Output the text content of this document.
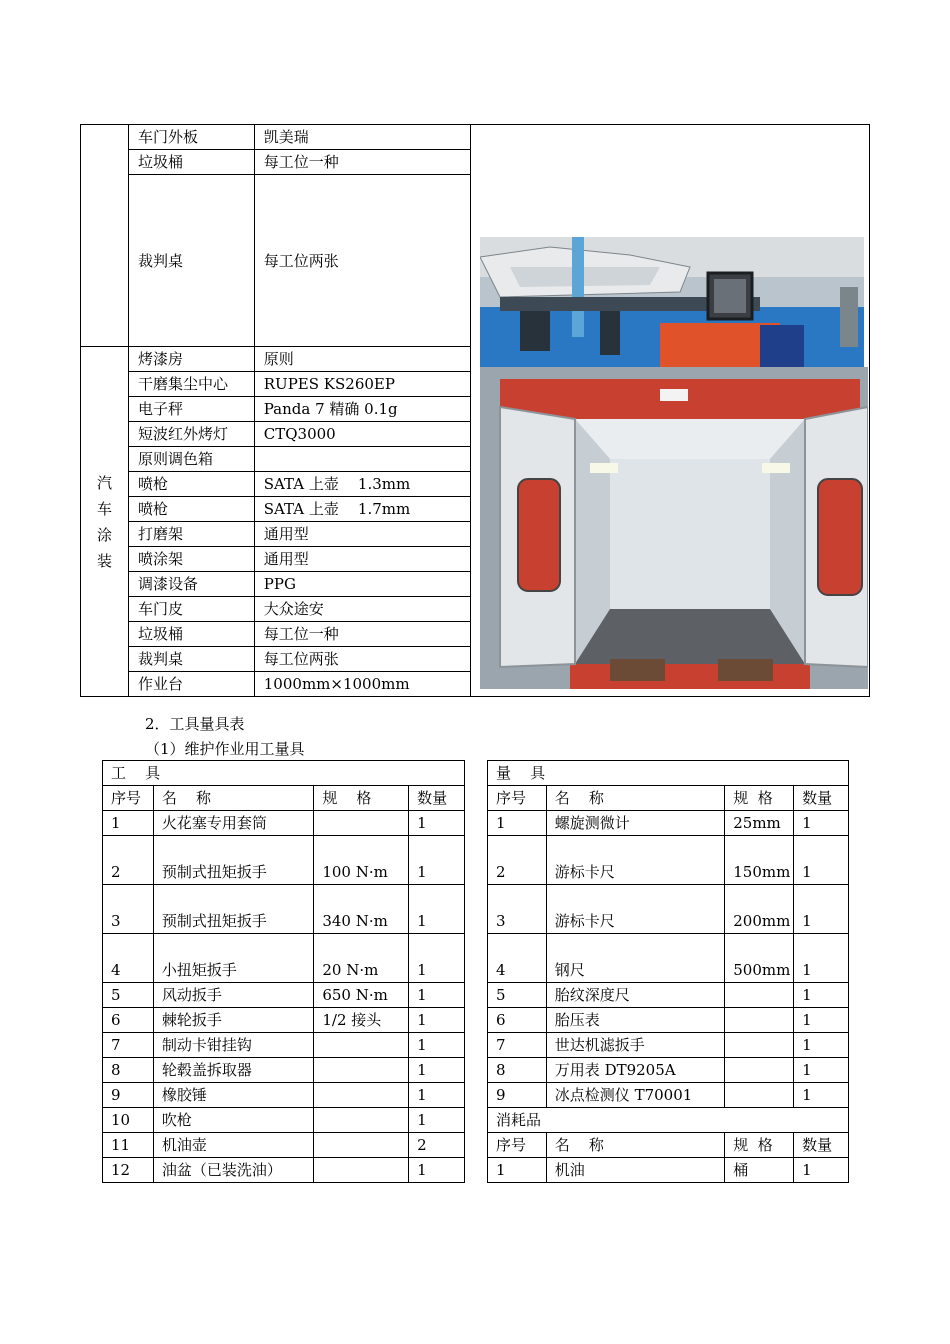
	车门外板	凯美瑞	
	垃圾桶	每工位一种	
	裁判桌	每工位两张	
汽
车
涂
装	烤漆房	原则	
	干磨集尘中心	RUPES KS260EP	
	电子秤	Panda 7 精确 0.1g	
	短波红外烤灯	CTQ3000	
	原则调色箱		
	喷枪	SATA 上壶    1.3mm	
	喷枪	SATA 上壶    1.7mm	
	打磨架	通用型	
	喷涂架	通用型	
	调漆设备	PPG	
	车门皮	大众途安	
	垃圾桶	每工位一种	
	裁判桌	每工位两张	
	作业台	1000mm×1000mm	
2．工具量具表
（1）维护作业用工量具
工    具			
序号	名    称	规    格	数量
1	火花塞专用套筒		1
2	预制式扭矩扳手	100 N·m	1
3	预制式扭矩扳手	340 N·m	1
4	小扭矩扳手	20 N·m	1
5	风动扳手	650 N·m	1
6	棘轮扳手	1/2 接头	1
7	制动卡钳挂钩		1
8	轮毂盖拆取器		1
9	橡胶锤		1
10	吹枪		1
11	机油壶		2
12	油盆（已装洗油）		1
量    具			
序号	名    称	规  格	数量
1	螺旋测微计	25mm	1
2	游标卡尺	150mm	1
3	游标卡尺	200mm	1
4	钢尺	500mm	1
5	胎纹深度尺		1
6	胎压表		1
7	世达机滤扳手		1
8	万用表 DT9205A		1
9	冰点检测仪 T70001		1
消耗品			
序号	名    称	规  格	数量
1	机油	桶	1
